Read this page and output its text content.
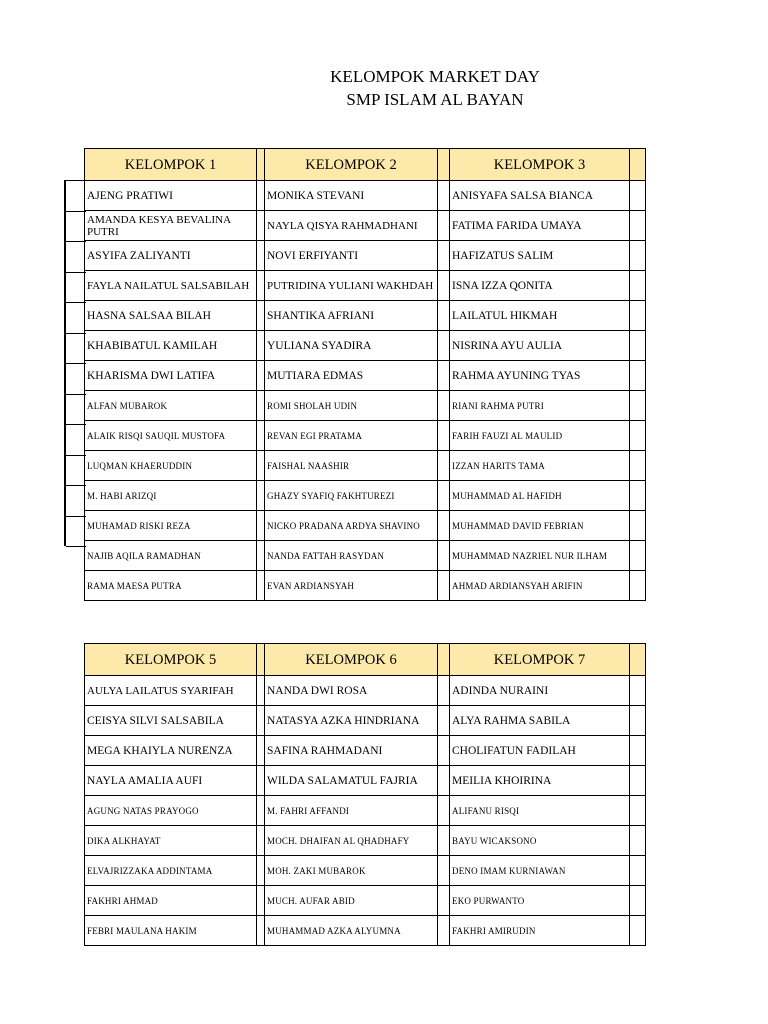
KELOMPOK MARKET DAY
SMP ISLAM AL BAYAN
KELOMPOK 1		KELOMPOK 2		KELOMPOK 3	
AJENG PRATIWI		MONIKA STEVANI		ANISYAFA SALSA BIANCA	
AMANDA KESYA BEVALINA PUTRI		NAYLA QISYA RAHMADHANI		FATIMA FARIDA UMAYA	
ASYIFA ZALIYANTI		NOVI ERFIYANTI		HAFIZATUS SALIM	
FAYLA NAILATUL SALSABILAH		PUTRIDINA YULIANI WAKHDAH		ISNA IZZA QONITA	
HASNA SALSAA BILAH		SHANTIKA AFRIANI		LAILATUL HIKMAH	
KHABIBATUL KAMILAH		YULIANA SYADIRA		NISRINA AYU AULIA	
KHARISMA DWI LATIFA		MUTIARA EDMAS		RAHMA AYUNING TYAS	
ALFAN MUBAROK		ROMI SHOLAH UDIN		RIANI RAHMA PUTRI	
ALAIK RISQI SAUQIL MUSTOFA		REVAN EGI PRATAMA		FARIH FAUZI AL MAULID	
LUQMAN KHAERUDDIN		FAISHAL NAASHIR		IZZAN HARITS TAMA	
M. HABI ARIZQI		GHAZY SYAFIQ FAKHTUREZI		MUHAMMAD AL HAFIDH	
MUHAMAD RISKI REZA		NICKO PRADANA ARDYA SHAVINO		MUHAMMAD DAVID FEBRIAN	
NAJIB AQILA RAMADHAN		NANDA FATTAH RASYDAN		MUHAMMAD NAZRIEL NUR ILHAM	
RAMA MAESA PUTRA		EVAN ARDIANSYAH		AHMAD ARDIANSYAH ARIFIN	
KELOMPOK 5		KELOMPOK 6		KELOMPOK 7	
AULYA LAILATUS SYARIFAH		NANDA DWI ROSA		ADINDA NURAINI	
CEISYA SILVI SALSABILA		NATASYA AZKA HINDRIANA		ALYA RAHMA SABILA	
MEGA KHAIYLA NURENZA		SAFINA RAHMADANI		CHOLIFATUN FADILAH	
NAYLA AMALIA AUFI		WILDA SALAMATUL FAJRIA		MEILIA KHOIRINA	
AGUNG NATAS PRAYOGO		M. FAHRI AFFANDI		ALIFANU RISQI	
DIKA ALKHAYAT		MOCH. DHAIFAN AL QHADHAFY		BAYU WICAKSONO	
ELVAJRIZZAKA ADDINTAMA		MOH. ZAKI MUBAROK		DENO IMAM KURNIAWAN	
FAKHRI AHMAD		MUCH. AUFAR ABID		EKO PURWANTO	
FEBRI MAULANA HAKIM		MUHAMMAD AZKA ALYUMNA		FAKHRI AMIRUDIN	
